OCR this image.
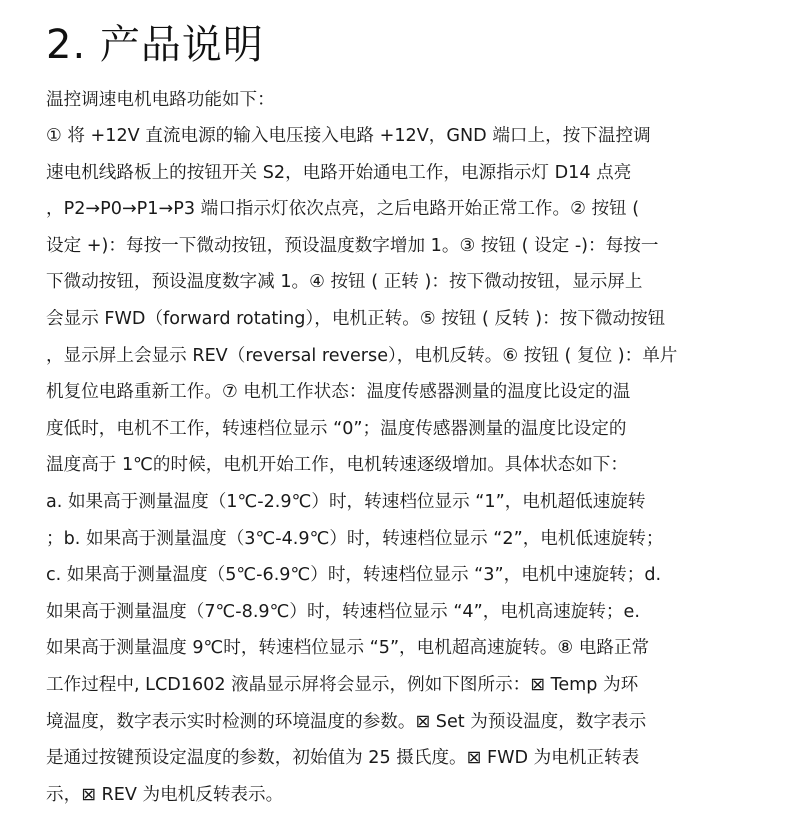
2. 产品说明

温控调速电机电路功能如下：

① 将 +12V 直流电源的输入电压接入电路 +12V，GND 端口上，按下温控调
速电机线路板上的按钮开关 S2，电路开始通电工作，电源指示灯 D14 点亮
，P2→P0→P1→P3 端口指示灯依次点亮，之后电路开始正常工作。② 按钮 (
设定 +)：每按一下微动按钮，预设温度数字增加 1。③ 按钮 ( 设定 -)：每按一
下微动按钮，预设温度数字减 1。④ 按钮 ( 正转 )：按下微动按钮，显示屏上
会显示 FWD（forward rotating），电机正转。⑤ 按钮 ( 反转 )：按下微动按钮
，显示屏上会显示 REV（reversal reverse），电机反转。⑥ 按钮 ( 复位 )：单片
机复位电路重新工作。⑦ 电机工作状态：温度传感器测量的温度比设定的温
度低时，电机不工作，转速档位显示 “0”；温度传感器测量的温度比设定的
温度高于 1℃的时候，电机开始工作，电机转速逐级增加。具体状态如下：
a. 如果高于测量温度（1℃-2.9℃）时，转速档位显示 “1”，电机超低速旋转
；b. 如果高于测量温度（3℃-4.9℃）时，转速档位显示 “2”，电机低速旋转；
c. 如果高于测量温度（5℃-6.9℃）时，转速档位显示 “3”，电机中速旋转；d.
如果高于测量温度（7℃-8.9℃）时，转速档位显示 “4”，电机高速旋转；e.
如果高于测量温度 9℃时，转速档位显示 “5”，电机超高速旋转。⑧ 电路正常
工作过程中, LCD1602 液晶显示屏将会显示，例如下图所示：⊠ Temp 为环
境温度，数字表示实时检测的环境温度的参数。⊠ Set 为预设温度，数字表示
是通过按键预设定温度的参数，初始值为 25 摄氏度。⊠ FWD 为电机正转表
示，⊠ REV 为电机反转表示。
